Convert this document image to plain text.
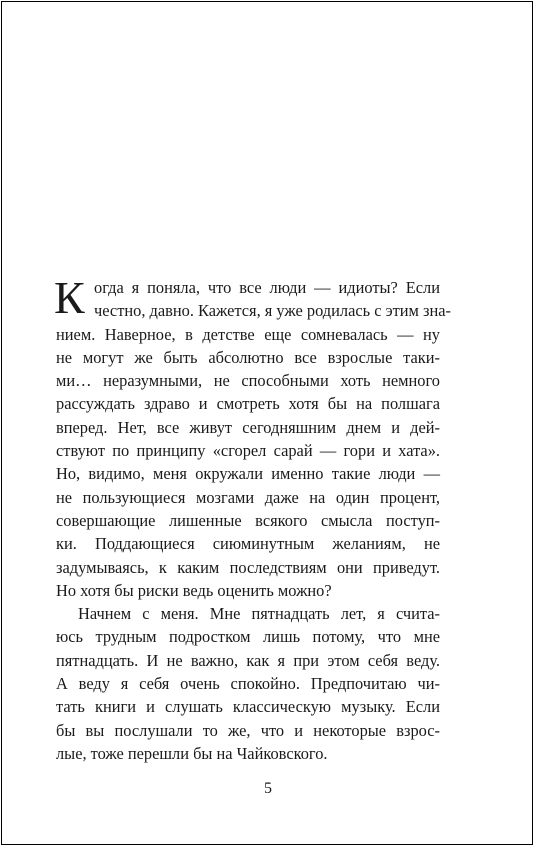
К огда я поняла, что все люди — идиоты? Если
честно, давно. Кажется, я уже родилась с этим зна-
нием. Наверное, в детстве еще сомневалась — ну
не могут же быть абсолютно все взрослые таки-
ми… неразумными, не способными хоть немного
рассуждать здраво и смотреть хотя бы на полшага
вперед. Нет, все живут сегодняшним днем и дей-
ствуют по принципу «сгорел сарай — гори и хата».
Но, видимо, меня окружали именно такие люди —
не пользующиеся мозгами даже на один процент,
совершающие лишенные всякого смысла поступ-
ки. Поддающиеся сиюминутным желаниям, не
задумываясь, к каким последствиям они приведут.
Но хотя бы риски ведь оценить можно?
Начнем с меня. Мне пятнадцать лет, я счита-
юсь трудным подростком лишь потому, что мне
пятнадцать. И не важно, как я при этом себя веду.
А веду я себя очень спокойно. Предпочитаю чи-
тать книги и слушать классическую музыку. Если
бы вы послушали то же, что и некоторые взрос-
лые, тоже перешли бы на Чайковского.
5
